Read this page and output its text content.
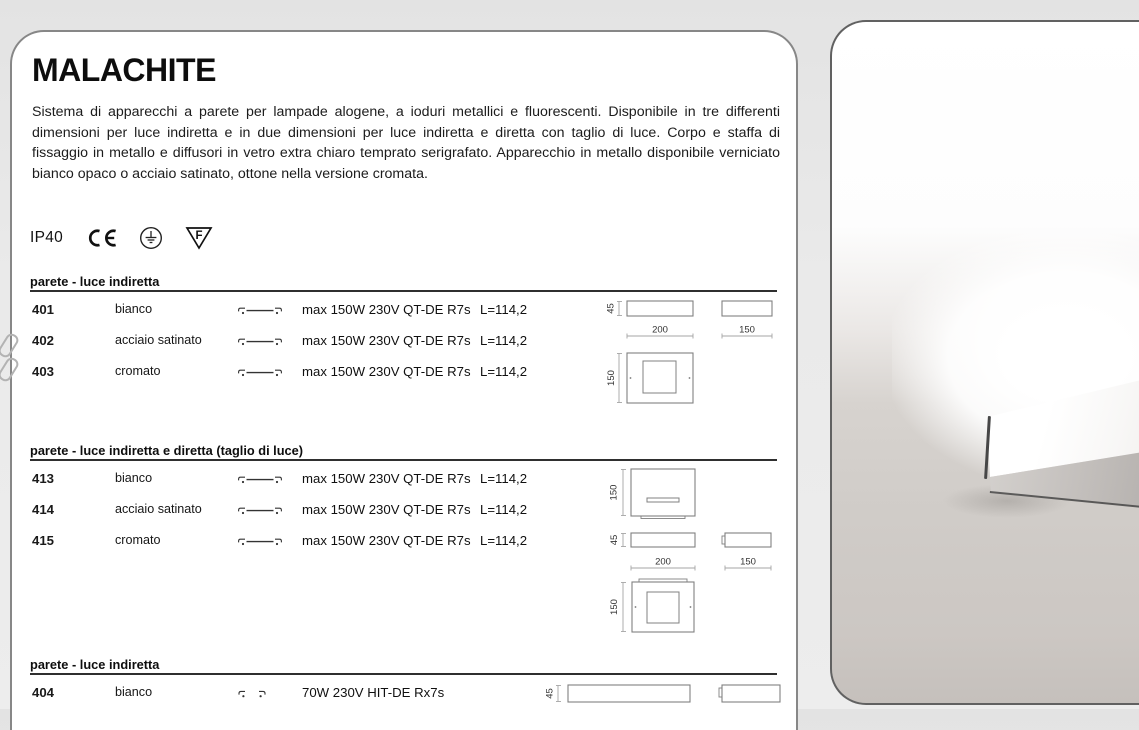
MALACHITE
Sistema di apparecchi a parete per lampade alogene, a ioduri metallici e fluorescenti. Disponibile in tre differenti dimensioni per luce indiretta e in due dimensioni per luce indiretta e diretta con taglio di luce. Corpo e staffa di fissaggio in metallo e diffusori in vetro extra chiaro temprato serigrafato. Apparecchio in metallo disponibile verniciato bianco opaco o acciaio satinato, ottone nella versione cromata.
IP40	F
parete - luce indiretta
401	bianco	max 150W 230V QT-DE R7s L=114,2
402	acciaio satinato	max 150W 230V QT-DE R7s L=114,2
403	cromato	max 150W 230V QT-DE R7s L=114,2
45
200	150
150
parete - luce indiretta e diretta (taglio di luce)
413	bianco	max 150W 230V QT-DE R7s L=114,2
414	acciaio satinato	max 150W 230V QT-DE R7s L=114,2
415	cromato	max 150W 230V QT-DE R7s L=114,2
150
45
200	150
150
parete - luce indiretta
404	bianco	70W 230V HIT-DE Rx7s	45
